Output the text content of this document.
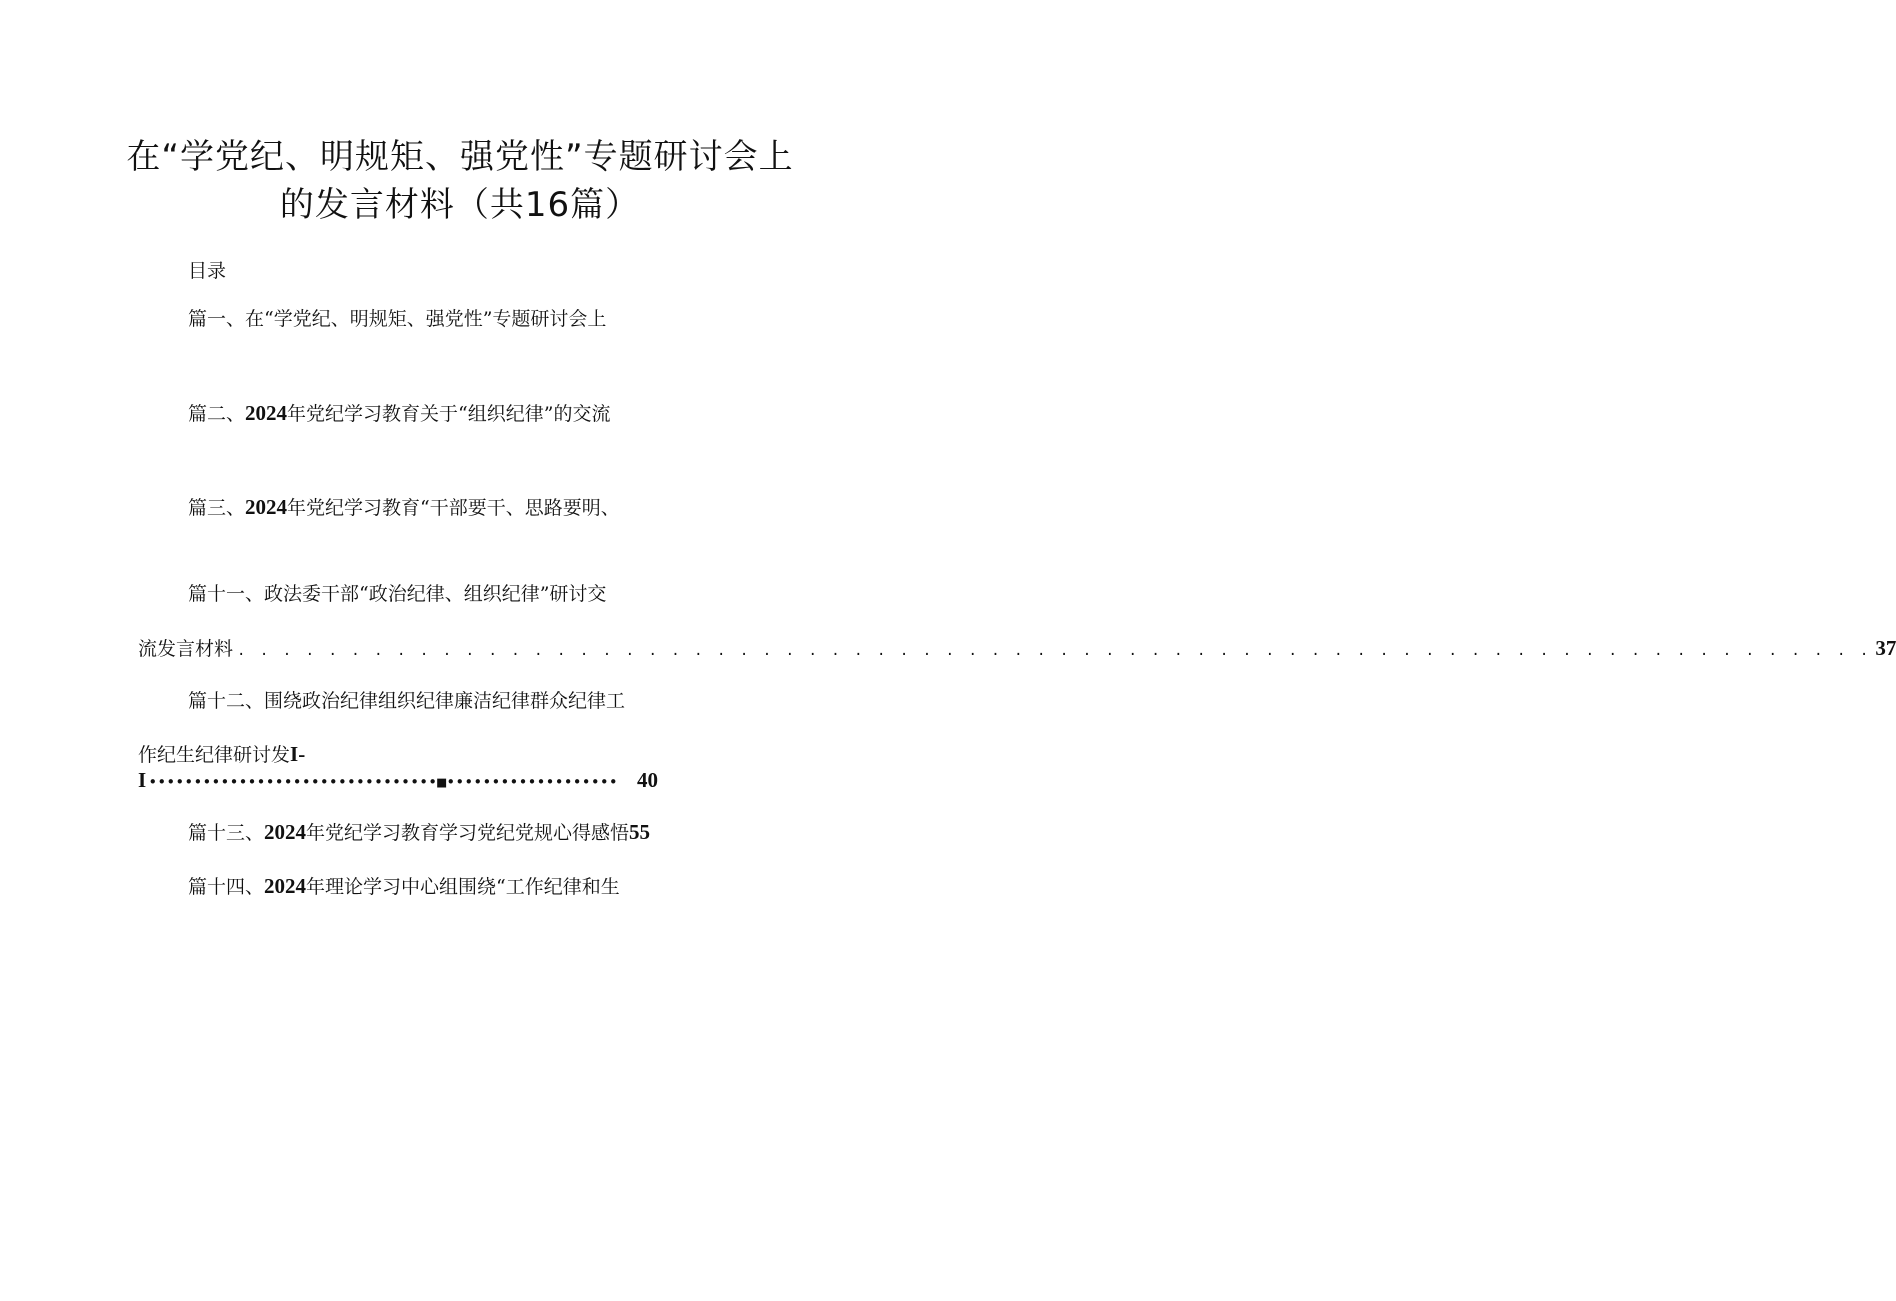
在“学党纪、明规矩、强党性”专题研讨会上
的发言材料（共16篇）
目录
篇一、在“学党纪、明规矩、强党性”专题研讨会上
篇二、2024年党纪学习教育关于“组织纪律”的交流
篇三、2024年党纪学习教育“干部要干、思路要明、
篇十一、政法委干部“政治纪律、组织纪律”研讨交
流发言材料 . . . . . . . . . . . . . . . . . . . . . . . . . . . . . . . . . . . . . . . . . . . . . . . . . . . . . . . . . . . . . . . . . . . . . . . . 37
篇十二、围绕政治纪律组织纪律廉洁纪律群众纪律工
作纪生纪律研讨发I-
I ••••••••••••••••••••••••••••••••■••••••••••••••••••• 40
篇十三、2024年党纪学习教育学习党纪党规心得感悟55
篇十四、2024年理论学习中心组围绕“工作纪律和生
